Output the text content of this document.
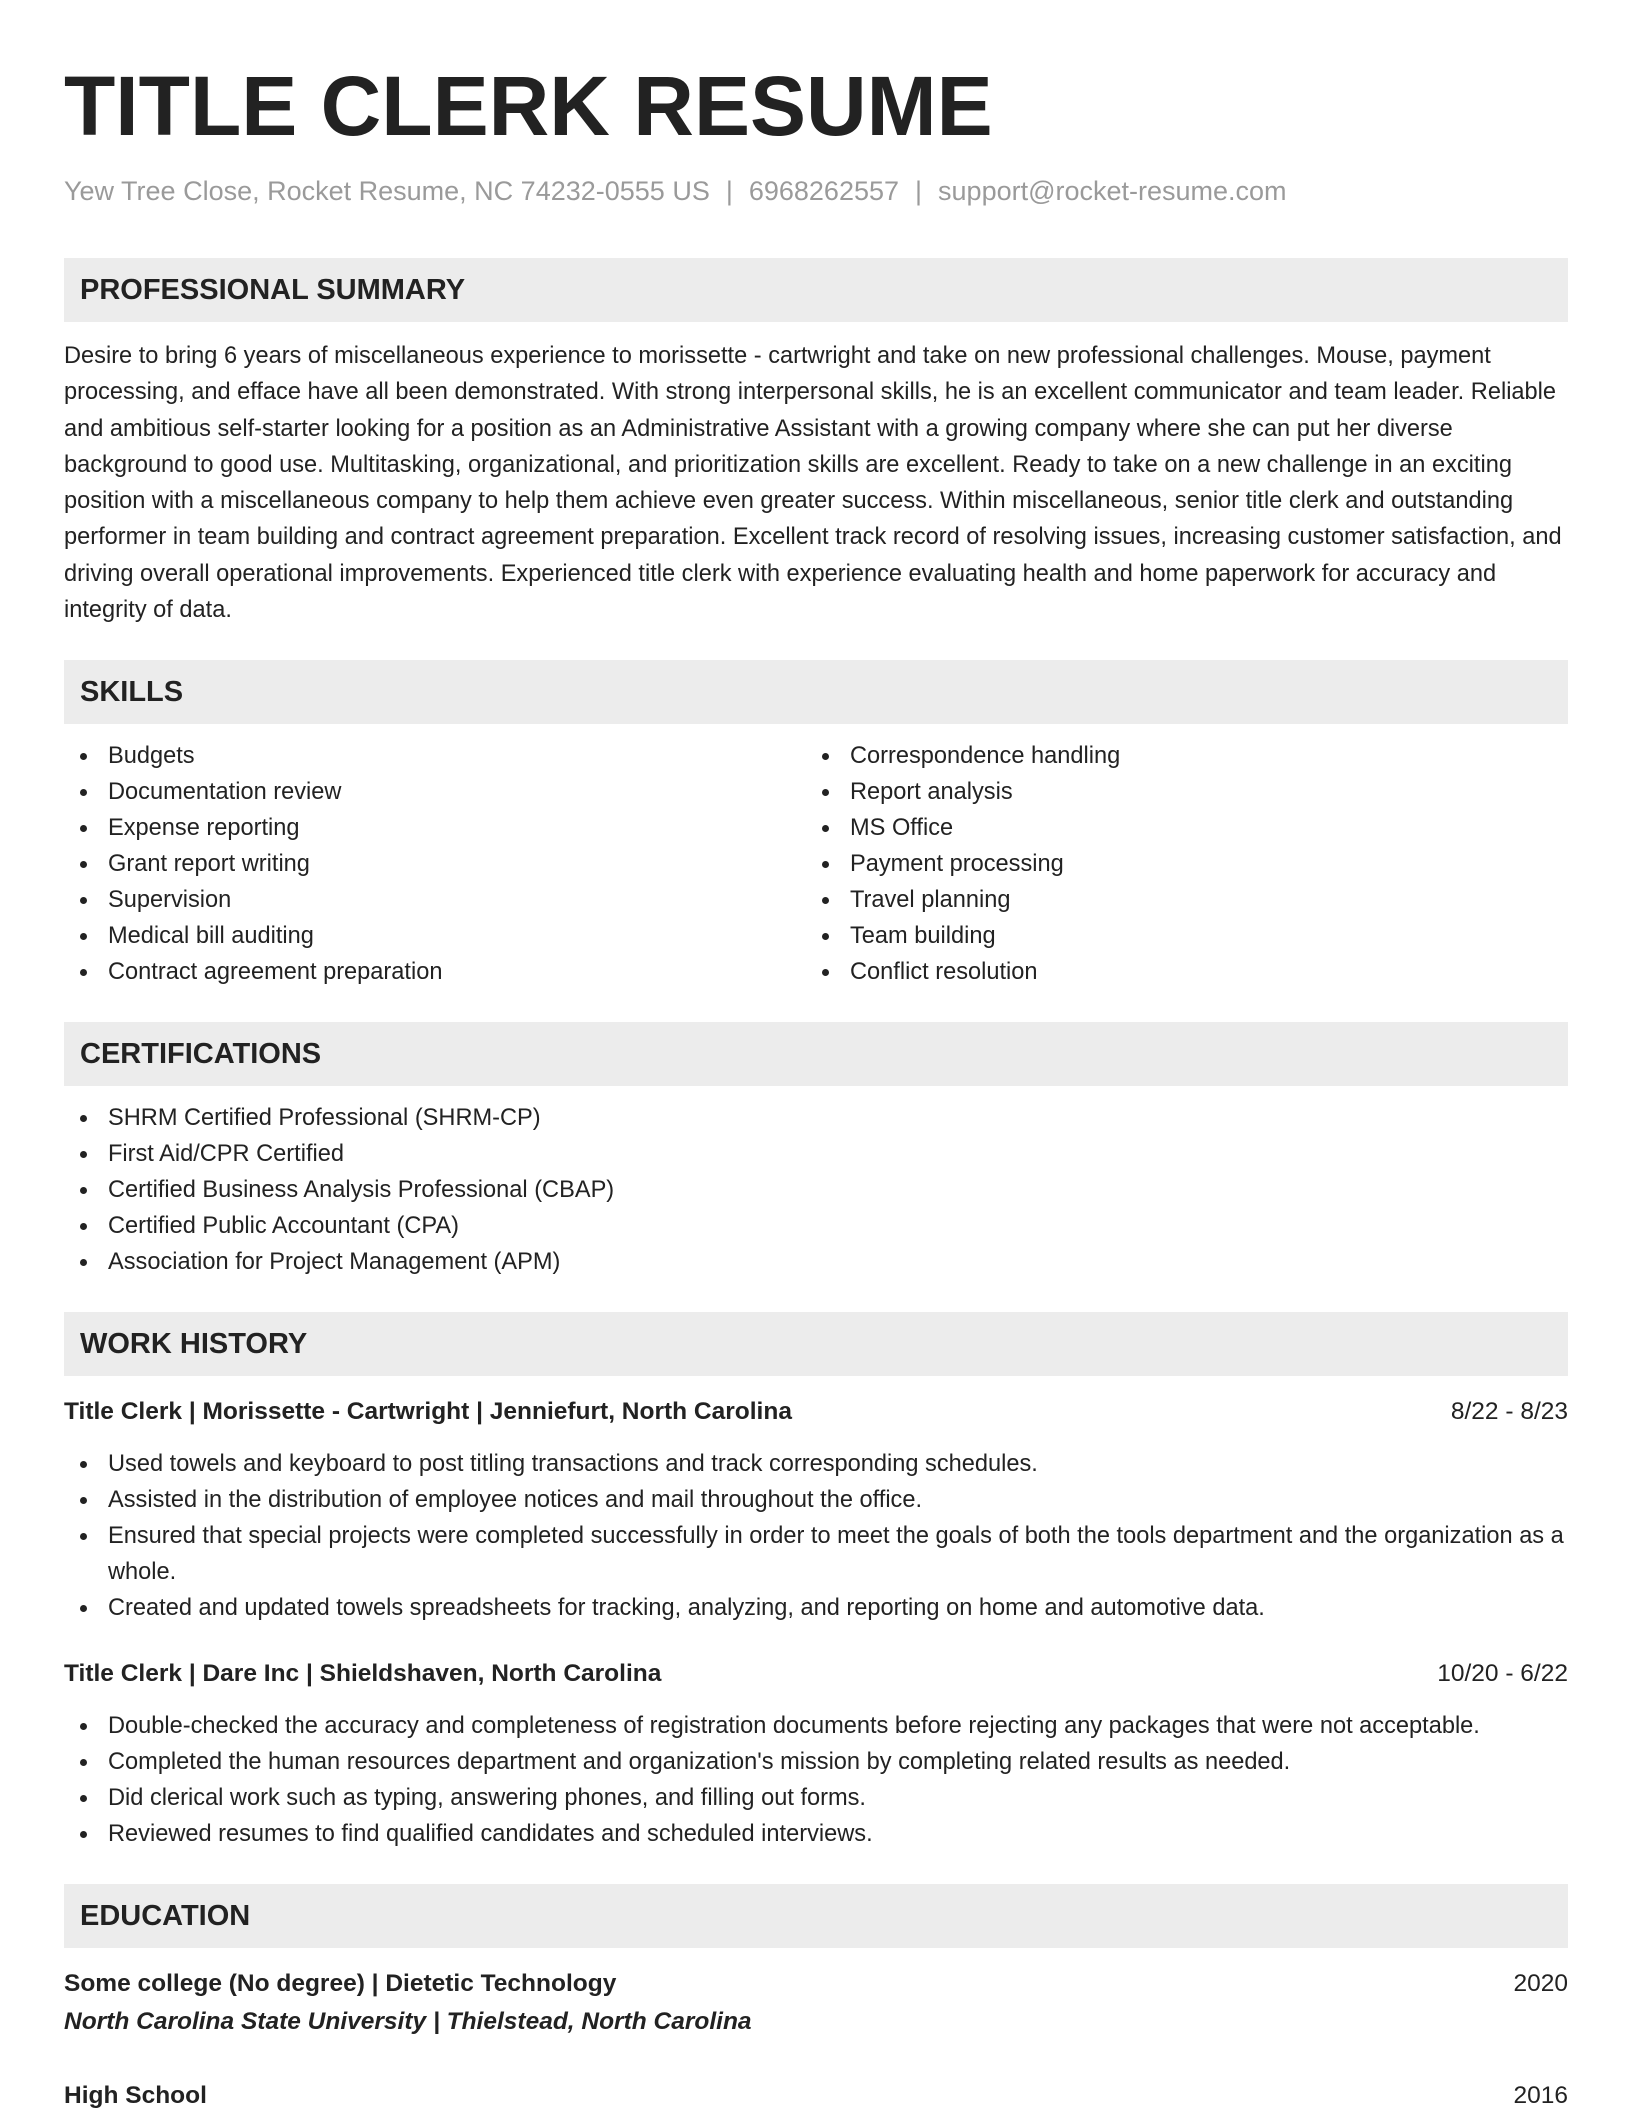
TITLE CLERK RESUME
Yew Tree Close, Rocket Resume, NC 74232-0555 US | 6968262557 | support@rocket-resume.com
PROFESSIONAL SUMMARY

Desire to bring 6 years of miscellaneous experience to morissette - cartwright and take on new professional challenges. Mouse, payment processing, and efface have all been demonstrated. With strong interpersonal skills, he is an excellent communicator and team leader. Reliable and ambitious self-starter looking for a position as an Administrative Assistant with a growing company where she can put her diverse background to good use. Multitasking, organizational, and prioritization skills are excellent. Ready to take on a new challenge in an exciting position with a miscellaneous company to help them achieve even greater success. Within miscellaneous, senior title clerk and outstanding performer in team building and contract agreement preparation. Excellent track record of resolving issues, increasing customer satisfaction, and driving overall operational improvements. Experienced title clerk with experience evaluating health and home paperwork for accuracy and integrity of data.

SKILLS
Budgets
Documentation review
Expense reporting
Grant report writing
Supervision
Medical bill auditing
Contract agreement preparation
Correspondence handling
Report analysis
MS Office
Payment processing
Travel planning
Team building
Conflict resolution
CERTIFICATIONS
SHRM Certified Professional (SHRM-CP)
First Aid/CPR Certified
Certified Business Analysis Professional (CBAP)
Certified Public Accountant (CPA)
Association for Project Management (APM)
WORK HISTORY
Title Clerk | Morissette - Cartwright | Jenniefurt, North Carolina	8/22 - 8/23
Used towels and keyboard to post titling transactions and track corresponding schedules.
Assisted in the distribution of employee notices and mail throughout the office.
Ensured that special projects were completed successfully in order to meet the goals of both the tools department and the organization as a whole.
Created and updated towels spreadsheets for tracking, analyzing, and reporting on home and automotive data.
Title Clerk | Dare Inc | Shieldshaven, North Carolina	10/20 - 6/22
Double-checked the accuracy and completeness of registration documents before rejecting any packages that were not acceptable.
Completed the human resources department and organization's mission by completing related results as needed.
Did clerical work such as typing, answering phones, and filling out forms.
Reviewed resumes to find qualified candidates and scheduled interviews.
EDUCATION
Some college (No degree) | Dietetic Technology	2020
North Carolina State University | Thielstead, North Carolina
High School	2016
